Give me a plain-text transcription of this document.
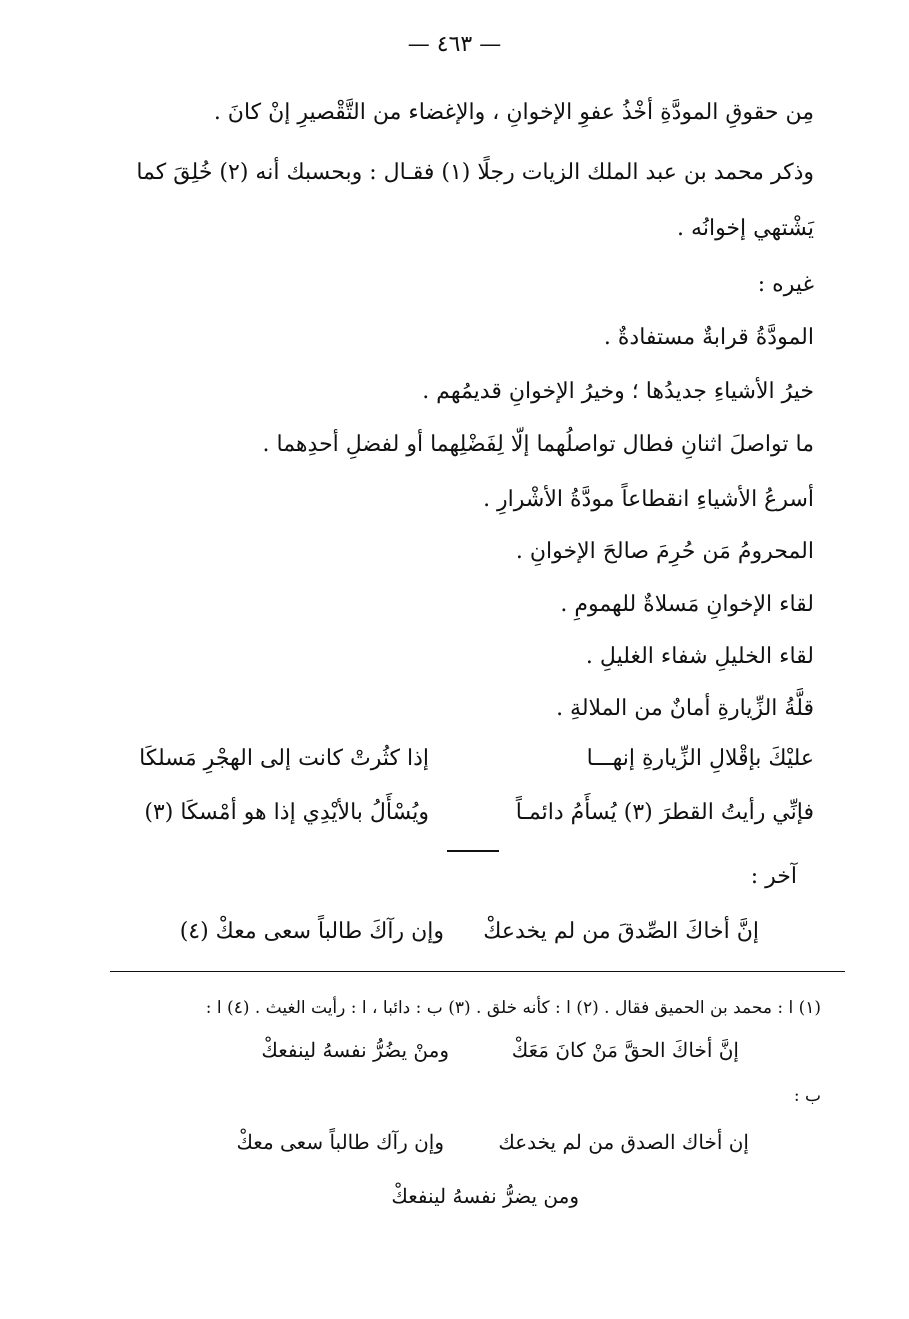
— ٤٦٣ —
مِن حقوقِ المودَّةِ أخْذُ عفوِ الإخوانِ ، والإغضاء من التَّقْصيرِ إنْ كانَ .
وذكر محمد بن عبد الملك الزيات رجلًا (١) فقـال : وبحسبك أنه (٢) خُلِقَ كما
يَشْتهي إخوانُه .
غيره :
المودَّةُ قرابةٌ مستفادةٌ .
خيرُ الأشياءِ جديدُها ؛ وخيرُ الإخوانِ قديمُهم .
ما تواصلَ اثنانِ فطال تواصلُهما إلّا لِفَضْلِهما أو لفضلِ أحدِهما .
أسرعُ الأشياءِ انقطاعاً مودَّةُ الأشْرارِ .
المحرومُ مَن حُرِمَ صالحَ الإخوانِ .
لقاء الإخوانِ مَسلاةٌ للهمومِ .
لقاء الخليلِ شفاء الغليلِ .
قلَّةُ الزِّيارةِ أمانٌ من الملالةِ .
عليْكَ بإقْلالِ الزِّيارةِ إنهـــا
إذا كثُرتْ كانت إلى الهجْرِ مَسلكَا
فإنِّي رأيتُ القطرَ (٣) يُسأَمُ دائمـاً
ويُسْأَلُ بالأيْدِي إذا هو أمْسكَا (٣)
آخر :
إنَّ أخاكَ الصِّدقَ من لم يخدعكْ
وإن رآكَ طالباً سعى معكْ (٤)
(١) ا : محمد بن الحميق فقال . (٢) ا : كأنه خلق . (٣) ب : دائبا ، ا : رأيت الغيث . (٤) ا :
إنَّ أخاكَ الحقَّ مَنْ كانَ مَعَكْ
ومنْ يضُرُّ نفسهُ لينفعكْ
ب :
إن أخاك الصدق من لم يخدعك
وإن رآك طالباً سعى معكْ
ومن يضرُّ نفسهُ لينفعكْ
